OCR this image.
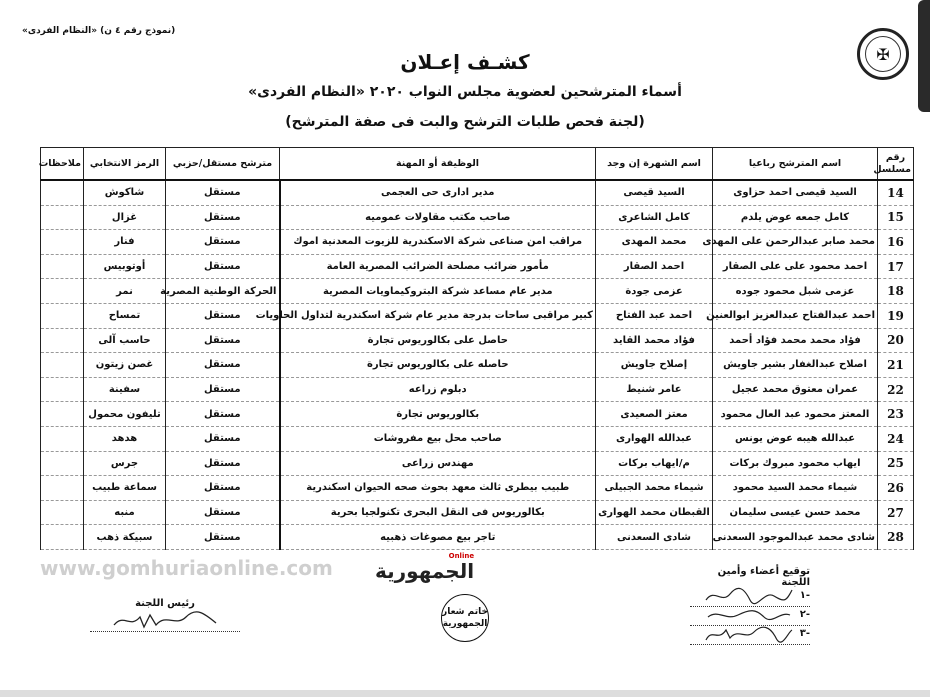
(نموذج رقم ٤ ن) «النظام الفردى»
✠
كشـف إعـلان
أسماء المترشحين لعضوية مجلس النواب ٢٠٢٠ «النظام الفردى»
(لجنة فحص طلبات الترشح والبت فى صفة المترشح)
رقم مسلسل	اسم المترشح رباعيا	اسم الشهرة إن وجد	الوظيفة أو المهنة	مترشح مستقل/حزبي	الرمز الانتخابي	ملاحظات
14	السيد قيصى احمد حزاوى	السيد قيصى	مدير ادارى حى العجمى	مستقل	شاكوش	
15	كامل جمعه عوض يلدم	كامل الشاعرى	صاحب مكتب مقاولات عموميه	مستقل	غزال	
16	محمد صابر عبدالرحمن على المهدى	محمد المهدى	مراقب امن صناعى شركة الاسكندرية للزيوت المعدنية اموك	مستقل	فنار	
17	احمد محمود على على الصقار	احمد الصقار	مأمور ضرائب مصلحة الضرائب المصرية العامة	مستقل	أوتوبيس	
18	عزمى شبل محمود جوده	عزمى جودة	مدير عام مساعد شركة البتروكيماويات المصرية	الحركة الوطنية المصرية	نمر	
19	احمد عبدالفتاح عبدالعزيز ابوالعنين	احمد عبد الفتاح	كبير مراقبى ساحات بدرجة مدير عام شركة اسكندرية لتداول الحاويات	مستقل	تمساح	
20	فؤاد محمد محمد فؤاد أحمد	فؤاد محمد القايد	حاصل على بكالوريوس تجارة	مستقل	حاسب آلى	
21	اصلاح عبدالغفار بشير جاويش	إصلاح جاويش	حاصله على بكالوريوس تجارة	مستقل	غصن زيتون	
22	عمران معتوق محمد عجيل	عامر شنيط	دبلوم زراعه	مستقل	سفينة	
23	المعتز محمود عبد العال محمود	معتز الصعيدى	بكالوريوس تجارة	مستقل	تليفون محمول	
24	عبدالله هيبه عوض يونس	عبدالله الهوارى	صاحب محل بيع مفروشات	مستقل	هدهد	
25	ايهاب محمود مبروك بركات	م/ايهاب بركات	مهندس زراعى	مستقل	جرس	
26	شيماء محمد السيد محمود	شيماء محمد الجبيلى	طبيب بيطرى ثالث معهد بحوث صحه الحيوان اسكندرية	مستقل	سماعة طبيب	
27	محمد حسن عيسى سليمان	القبطان محمد الهوارى	بكالوريوس فى النقل البحرى تكنولجيا بحرية	مستقل	منبه	
28	شادى محمد عبدالموجود السعدنى	شادى السعدنى	تاجر بيع مصوغات ذهبيه	مستقل	سبيكة ذهب	
www.gomhuriaonline.com	Online
الجمهورية	توقيع أعضاء وأمين اللجنة
-١
-٢
-٣
خاتم شعار الجمهورية
رئيس اللجنة
